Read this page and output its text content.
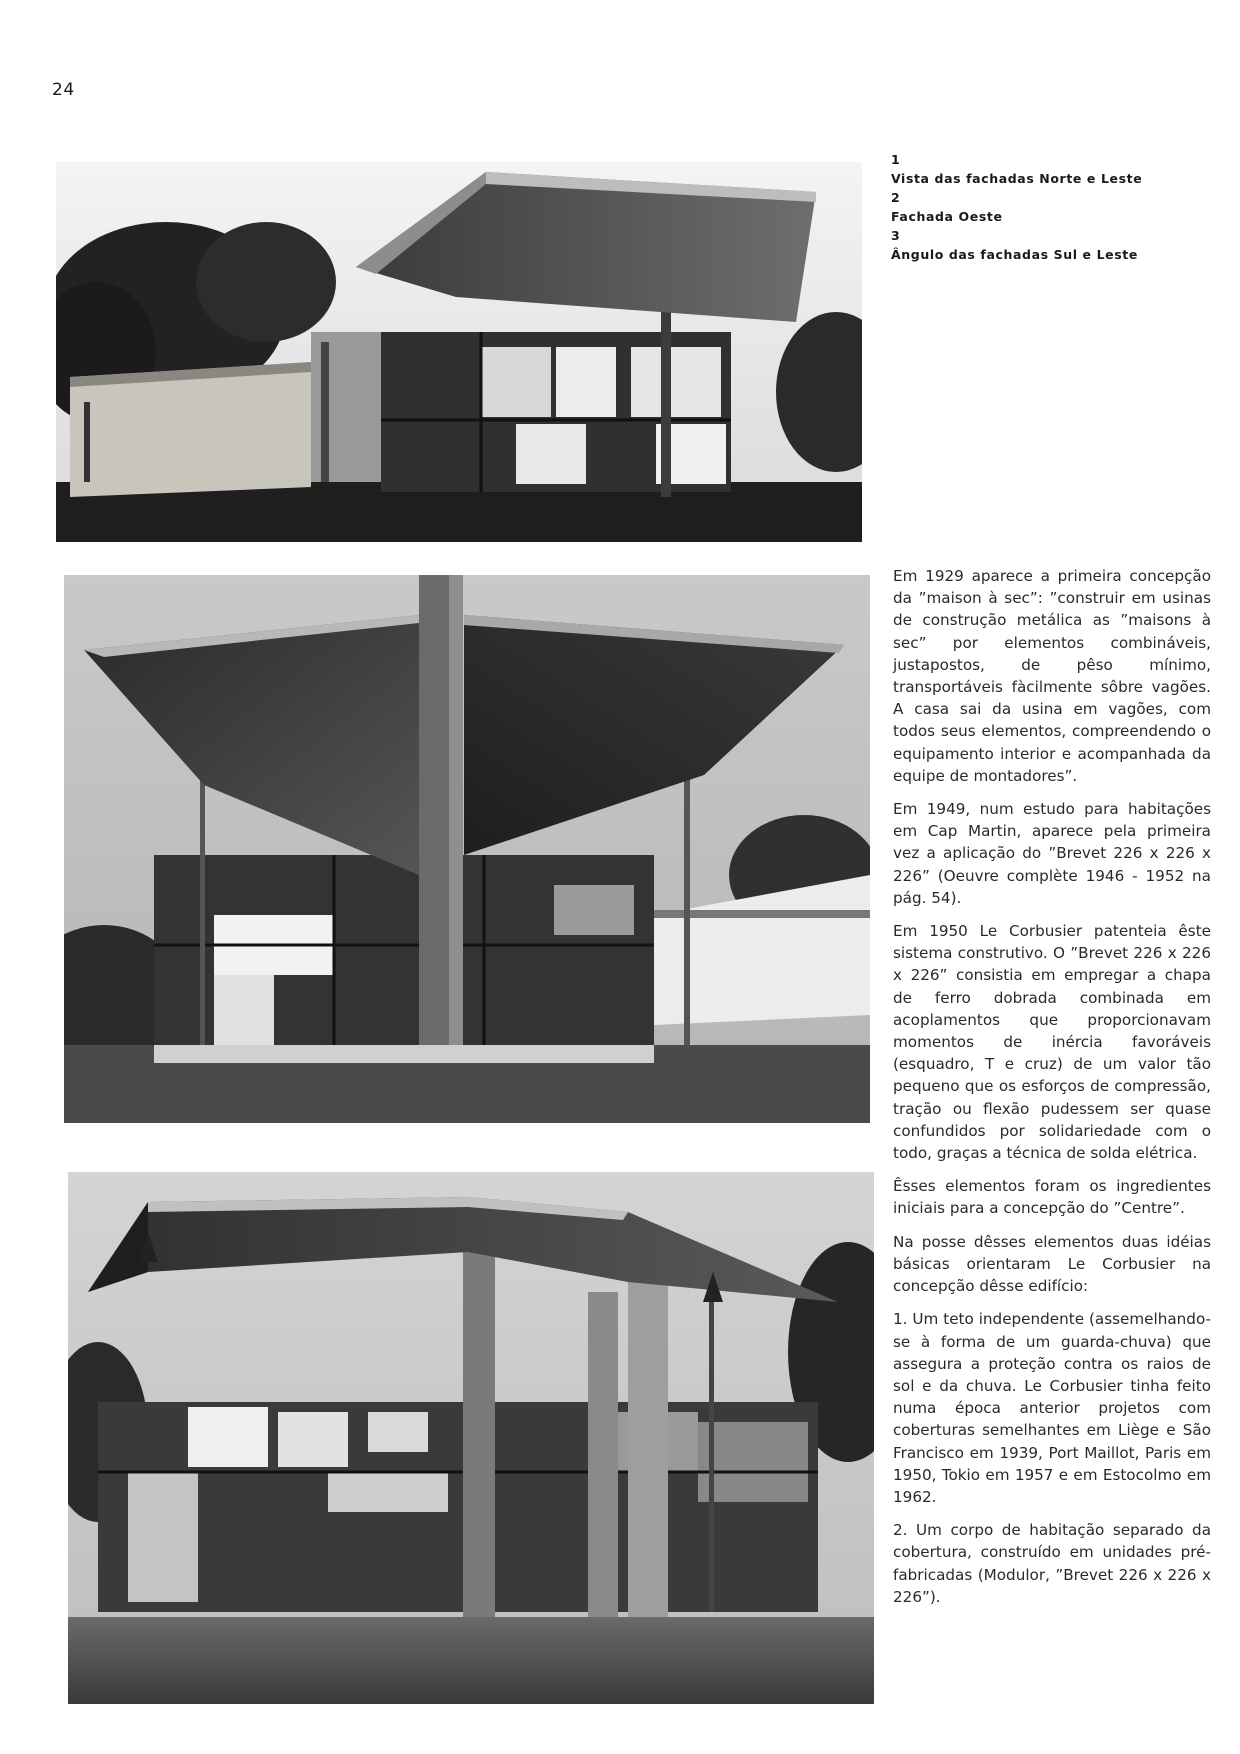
24
1
Vista das fachadas Norte e Leste
2
Fachada Oeste
3
Ângulo das fachadas Sul e Leste

Em 1929 aparece a primeira concepção da ”maison à sec”: ”construir em usinas de construção metálica as ”maisons à sec” por elementos combináveis, justapostos, de pêso mínimo, transportáveis fàcilmente sôbre vagões. A casa sai da usina em vagões, com todos seus elementos, compreendendo o equipamento interior e acompanhada da equipe de montadores”.

Em 1949, num estudo para habitações em Cap Martin, aparece pela primeira vez a aplicação do ”Brevet 226 x 226 x 226” (Oeuvre complète 1946 - 1952 na pág. 54).

Em 1950 Le Corbusier patenteia êste sistema construtivo. O ”Brevet 226 x 226 x 226” consistia em empregar a chapa de ferro dobrada combinada em acoplamentos que proporcionavam momentos de inércia favoráveis (esquadro, T e cruz) de um valor tão pequeno que os esforços de compressão, tração ou flexão pudessem ser quase confundidos por solidariedade com o todo, graças a técnica de solda elétrica.

Êsses elementos foram os ingredientes iniciais para a concepção do ”Centre”.

Na posse dêsses elementos duas idéias básicas orientaram Le Corbusier na concepção dêsse edifício:

1. Um teto independente (assemelhando-se à forma de um guarda-chuva) que assegura a proteção contra os raios de sol e da chuva. Le Corbusier tinha feito numa época anterior projetos com coberturas semelhantes em Liège e São Francisco em 1939, Port Maillot, Paris em 1950, Tokio em 1957 e em Estocolmo em 1962.

2. Um corpo de habitação separado da cobertura, construído em unidades pré-fabricadas (Modulor, ”Brevet 226 x 226 x 226”).
